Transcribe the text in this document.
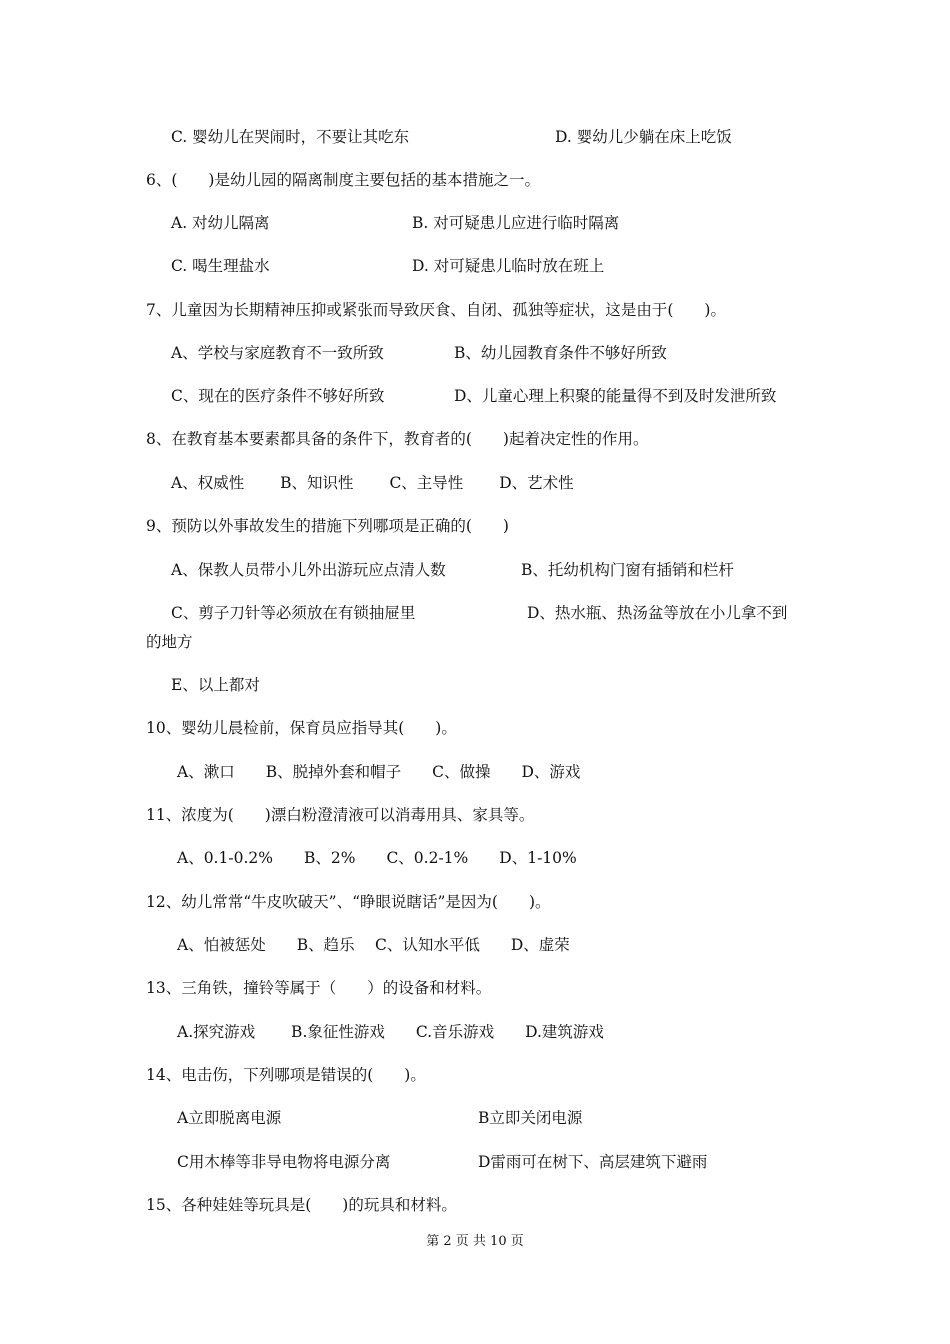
C. 婴幼儿在哭闹时，不要让其吃东	D. 婴幼儿少躺在床上吃饭
6、(　　)是幼儿园的隔离制度主要包括的基本措施之一。
A. 对幼儿隔离	B. 对可疑患儿应进行临时隔离
C. 喝生理盐水	D. 对可疑患儿临时放在班上
7、儿童因为长期精神压抑或紧张而导致厌食、自闭、孤独等症状，这是由于(　　)。
A、学校与家庭教育不一致所致	B、幼儿园教育条件不够好所致
C、现在的医疗条件不够好所致	D、儿童心理上积聚的能量得不到及时发泄所致
8、在教育基本要素都具备的条件下，教育者的(　　)起着决定性的作用。
A、权威性　　 B、知识性　　 C、主导性　　 D、艺术性
9、预防以外事故发生的措施下列哪项是正确的(　　)
A、保教人员带小儿外出游玩应点清人数	B、托幼机构门窗有插销和栏杆
C、剪子刀针等必须放在有锁抽屉里	D、热水瓶、热汤盆等放在小儿拿不到
的地方
E、以上都对
10、婴幼儿晨检前，保育员应指导其(　　)。
A、漱口　　B、脱掉外套和帽子　　C、做操　　D、游戏
11、浓度为(　　)漂白粉澄清液可以消毒用具、家具等。
A、0.1-0.2%　　B、2%　　C、0.2-1%　　D、1-10%
12、幼儿常常“牛皮吹破天”、“睁眼说瞎话”是因为(　　)。
A、怕被惩处　　B、趋乐　 C、认知水平低　　D、虚荣
13、三角铁，撞铃等属于（　　）的设备和材料。
A.探究游戏　　 B.象征性游戏　　C.音乐游戏　　D.建筑游戏
14、电击伤，下列哪项是错误的(　　)。
A立即脱离电源	B立即关闭电源
C用木棒等非导电物将电源分离	D雷雨可在树下、高层建筑下避雨
15、各种娃娃等玩具是(　　)的玩具和材料。
第 2 页 共 10 页
